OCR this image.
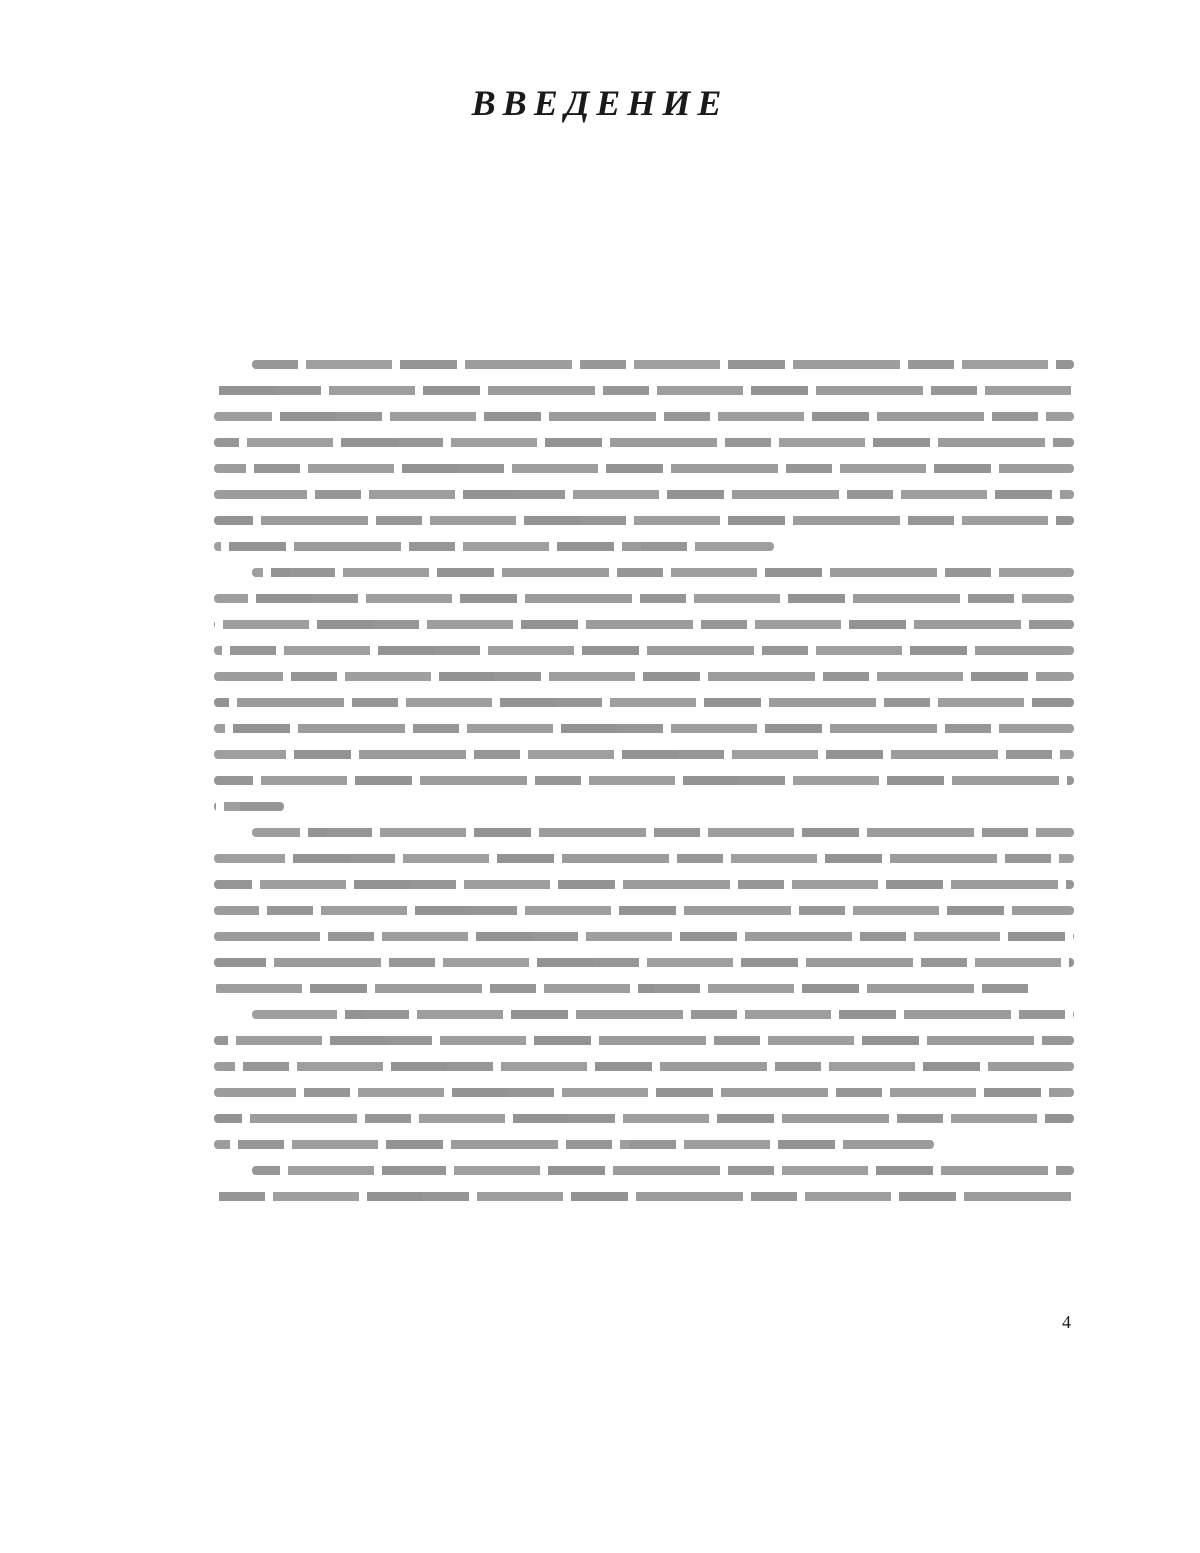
ВВЕДЕНИЕ
4
